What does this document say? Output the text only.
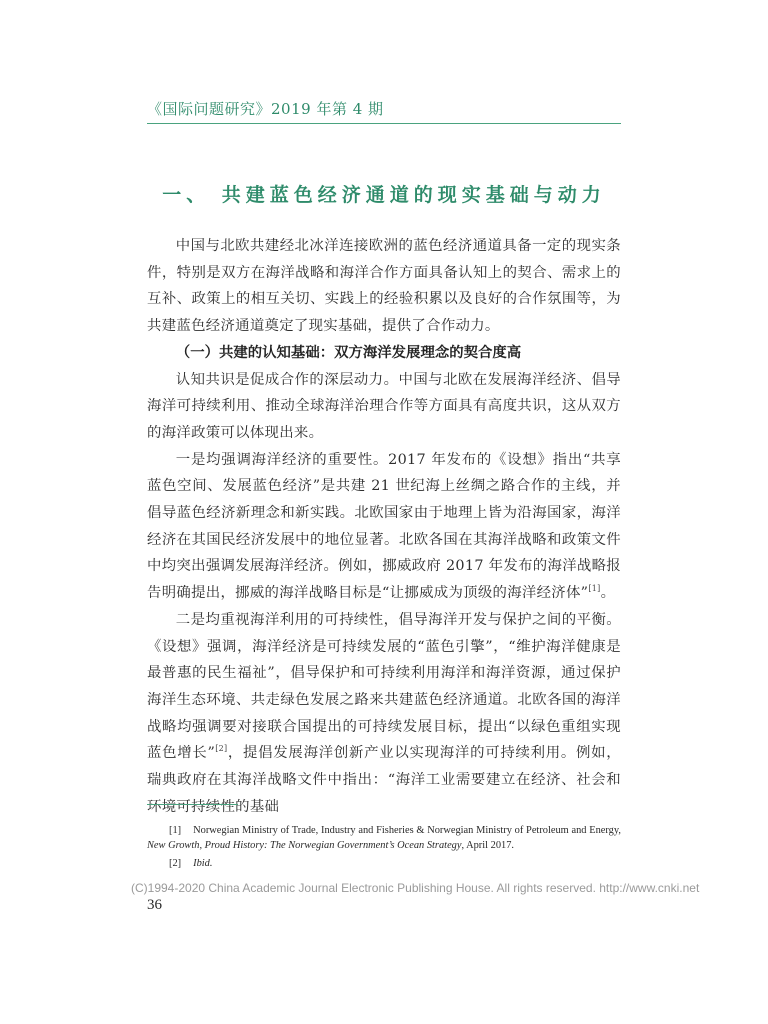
《国际问题研究》2019 年第 4 期
一、 共建蓝色经济通道的现实基础与动力

中国与北欧共建经北冰洋连接欧洲的蓝色经济通道具备一定的现实条件，特别是双方在海洋战略和海洋合作方面具备认知上的契合、需求上的互补、政策上的相互关切、实践上的经验积累以及良好的合作氛围等，为共建蓝色经济通道奠定了现实基础，提供了合作动力。

（一）共建的认知基础：双方海洋发展理念的契合度高

认知共识是促成合作的深层动力。中国与北欧在发展海洋经济、倡导海洋可持续利用、推动全球海洋治理合作等方面具有高度共识，这从双方的海洋政策可以体现出来。

一是均强调海洋经济的重要性。2017 年发布的《设想》指出“共享蓝色空间、发展蓝色经济”是共建 21 世纪海上丝绸之路合作的主线，并倡导蓝色经济新理念和新实践。北欧国家由于地理上皆为沿海国家，海洋经济在其国民经济发展中的地位显著。北欧各国在其海洋战略和政策文件中均突出强调发展海洋经济。例如，挪威政府 2017 年发布的海洋战略报告明确提出，挪威的海洋战略目标是“让挪威成为顶级的海洋经济体”[1]。

二是均重视海洋利用的可持续性，倡导海洋开发与保护之间的平衡。《设想》强调，海洋经济是可持续发展的“蓝色引擎”，“维护海洋健康是最普惠的民生福祉”，倡导保护和可持续利用海洋和海洋资源，通过保护海洋生态环境、共走绿色发展之路来共建蓝色经济通道。北欧各国的海洋战略均强调要对接联合国提出的可持续发展目标，提出“以绿色重组实现蓝色增长”[2]，提倡发展海洋创新产业以实现海洋的可持续利用。例如，瑞典政府在其海洋战略文件中指出：“海洋工业需要建立在经济、社会和环境可持续性的基础

[1] Norwegian Ministry of Trade, Industry and Fisheries & Norwegian Ministry of Petroleum and Energy, New Growth, Proud History: The Norwegian Government’s Ocean Strategy, April 2017.

[2] Ibid.

(C)1994-2020 China Academic Journal Electronic Publishing House. All rights reserved. http://www.cnki.net
36
